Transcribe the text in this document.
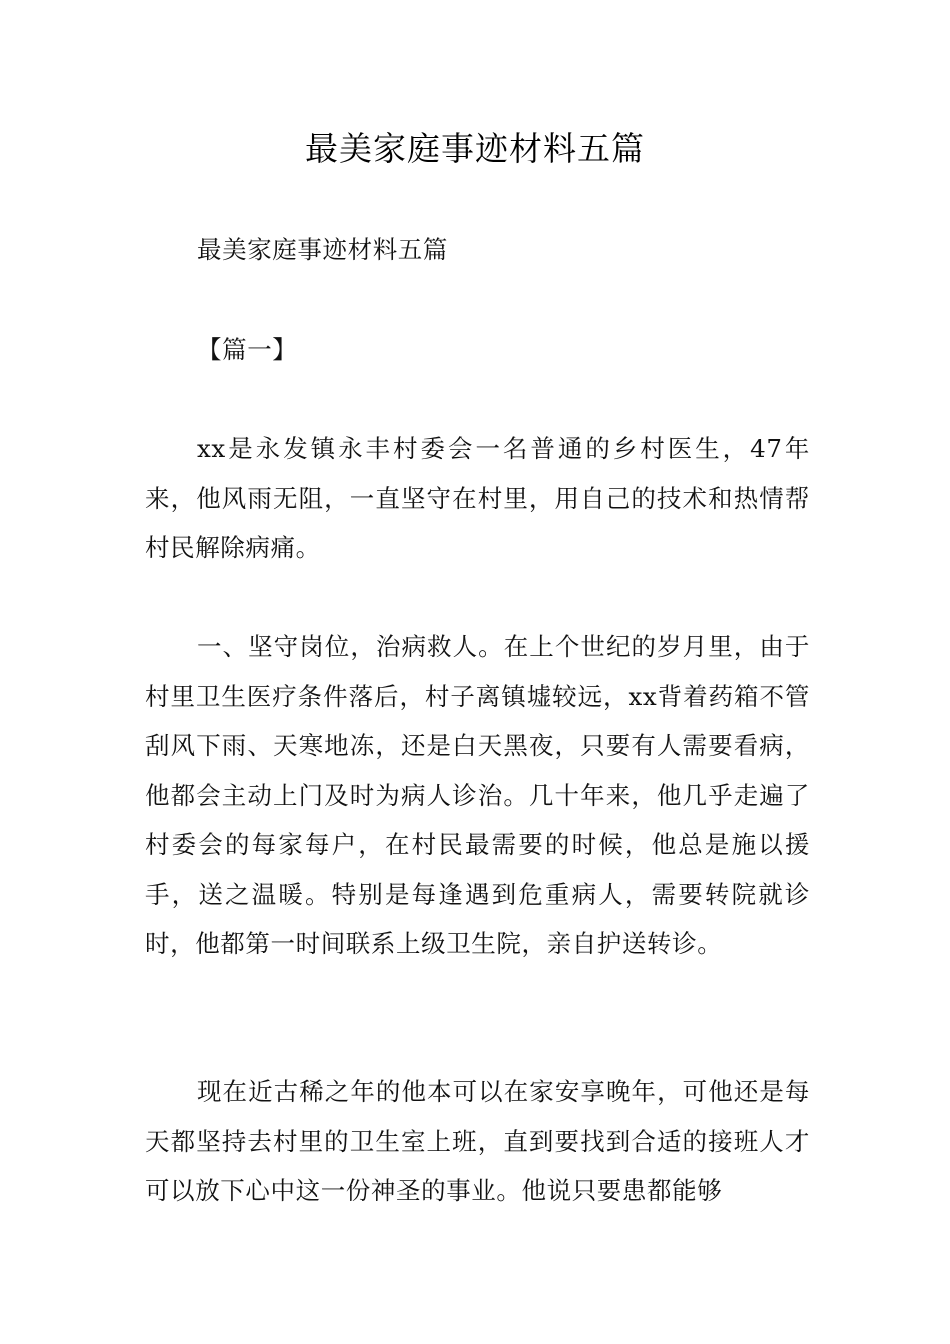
最美家庭事迹材料五篇

最美家庭事迹材料五篇

【篇一】

xx是永发镇永丰村委会一名普通的乡村医生，47年来，他风雨无阻，一直坚守在村里，用自己的技术和热情帮村民解除病痛。

一、坚守岗位，治病救人。在上个世纪的岁月里，由于村里卫生医疗条件落后，村子离镇墟较远，xx背着药箱不管刮风下雨、天寒地冻，还是白天黑夜，只要有人需要看病，他都会主动上门及时为病人诊治。几十年来，他几乎走遍了村委会的每家每户，在村民最需要的时候，他总是施以援手，送之温暖。特别是每逢遇到危重病人，需要转院就诊时，他都第一时间联系上级卫生院，亲自护送转诊。

现在近古稀之年的他本可以在家安享晚年，可他还是每天都坚持去村里的卫生室上班，直到要找到合适的接班人才可以放下心中这一份神圣的事业。他说只要患都能够
